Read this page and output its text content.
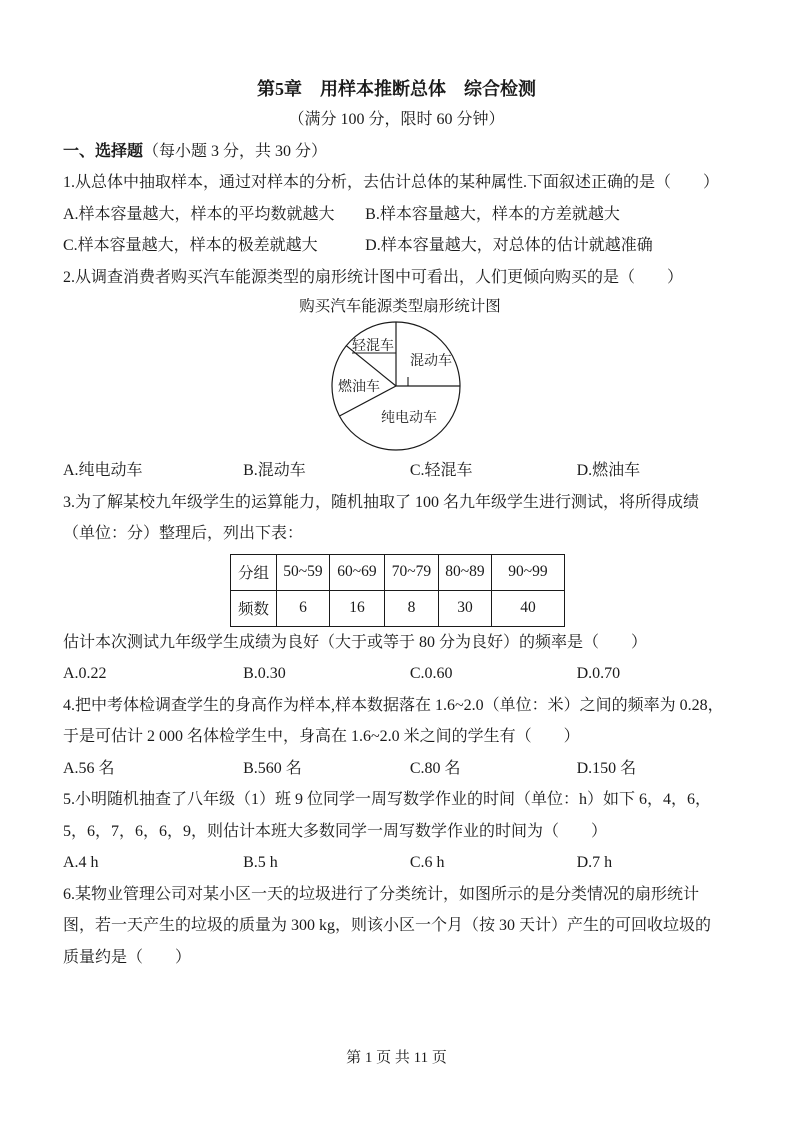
第5章　用样本推断总体　综合检测
（满分 100 分，限时 60 分钟）
一、选择题（每小题 3 分，共 30 分）
1.从总体中抽取样本，通过对样本的分析，去估计总体的某种属性.下面叙述正确的是（　　）
A.样本容量越大，样本的平均数就越大	B.样本容量越大，样本的方差就越大
C.样本容量越大，样本的极差就越大	D.样本容量越大，对总体的估计就越准确
2.从调查消费者购买汽车能源类型的扇形统计图中可看出，人们更倾向购买的是（　　）
购买汽车能源类型扇形统计图
轻混车
混动车
燃油车
纯电动车
A.纯电动车	B.混动车	C.轻混车	D.燃油车
3.为了解某校九年级学生的运算能力，随机抽取了 100 名九年级学生进行测试，将所得成绩
（单位：分）整理后，列出下表：
分组	50~59	60~69	70~79	80~89	90~99
频数	6	16	8	30	40
估计本次测试九年级学生成绩为良好（大于或等于 80 分为良好）的频率是（　　）
A.0.22	B.0.30	C.0.60	D.0.70
4.把中考体检调查学生的身高作为样本,样本数据落在 1.6~2.0（单位：米）之间的频率为 0.28，
于是可估计 2 000 名体检学生中，身高在 1.6~2.0 米之间的学生有（　　）
A.56 名	B.560 名	C.80 名	D.150 名
5.小明随机抽查了八年级（1）班 9 位同学一周写数学作业的时间（单位：h）如下 6，4，6，
5，6，7，6，6，9，则估计本班大多数同学一周写数学作业的时间为（　　）
A.4 h	B.5 h	C.6 h	D.7 h
6.某物业管理公司对某小区一天的垃圾进行了分类统计，如图所示的是分类情况的扇形统计
图，若一天产生的垃圾的质量为 300 kg，则该小区一个月（按 30 天计）产生的可回收垃圾的
质量约是（　　）
第 1 页 共 11 页
